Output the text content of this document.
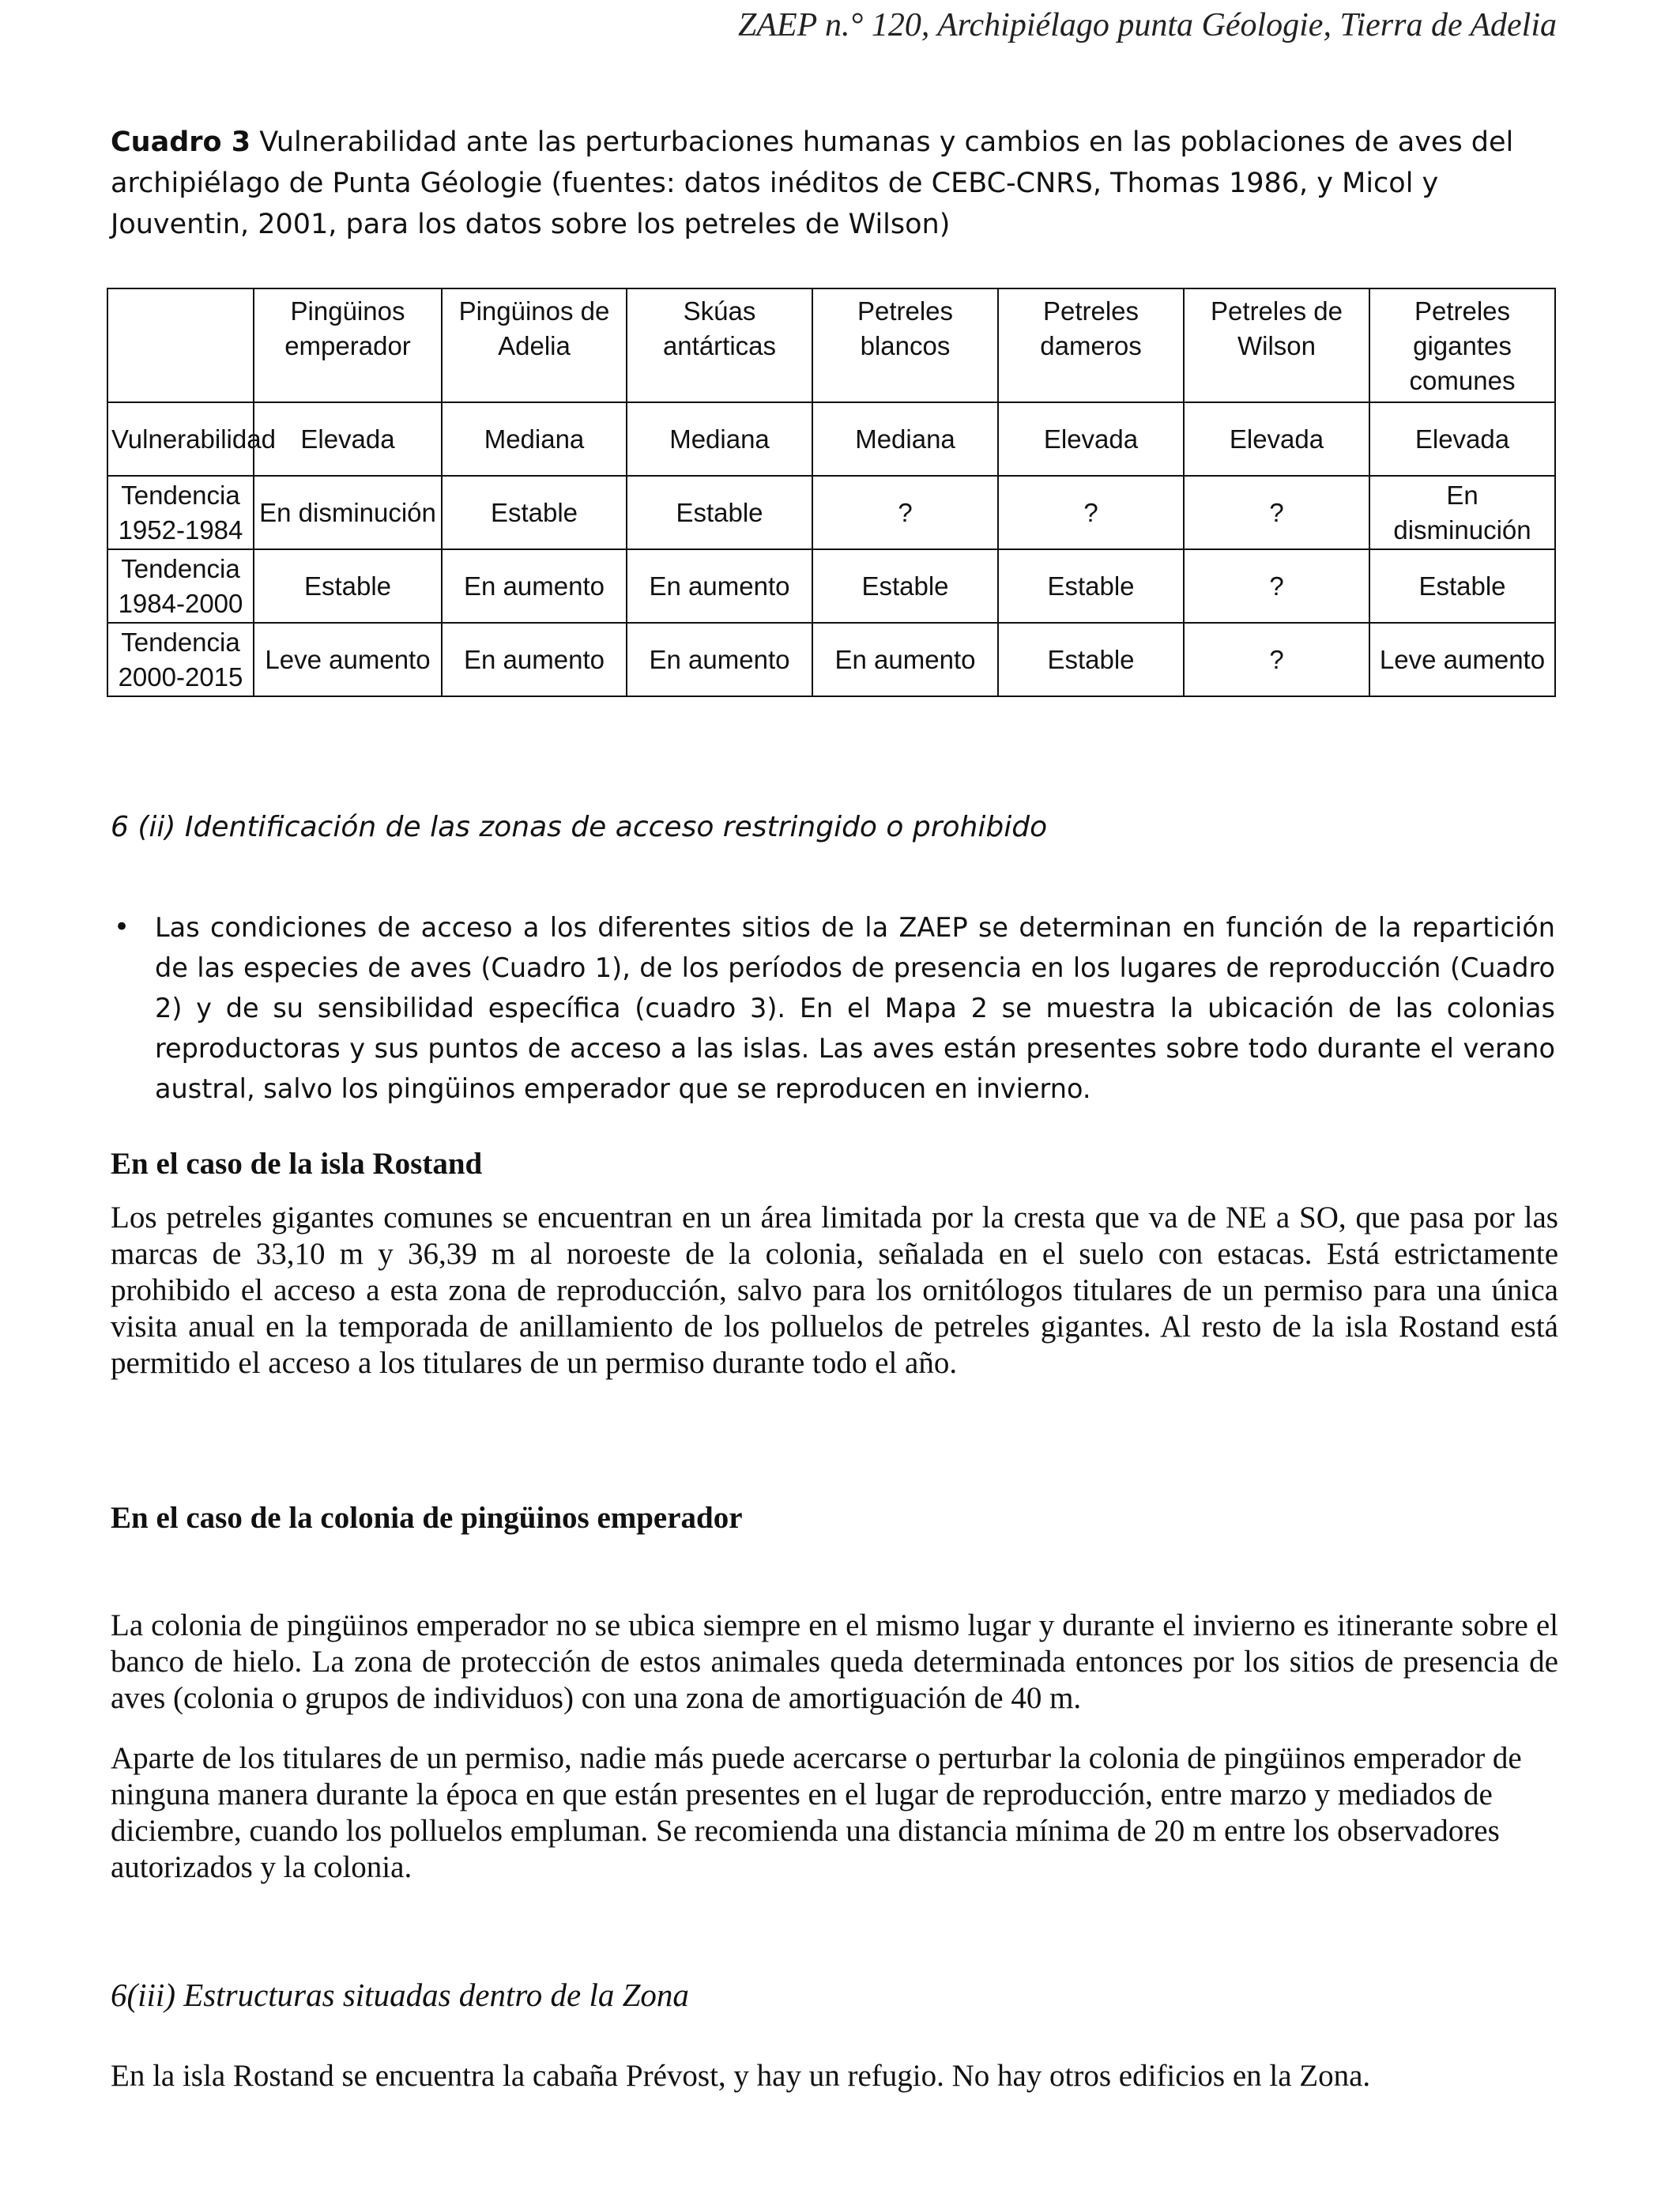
ZAEP n.° 120, Archipiélago punta Géologie, Tierra de Adelia
Cuadro 3 Vulnerabilidad ante las perturbaciones humanas y cambios en las poblaciones de aves del archipiélago de Punta Géologie (fuentes: datos inéditos de CEBC-CNRS, Thomas 1986, y Micol y Jouventin, 2001, para los datos sobre los petreles de Wilson)
	Pingüinos emperador	Pingüinos de Adelia	Skúas antárticas	Petreles blancos	Petreles dameros	Petreles de Wilson	Petreles gigantes comunes
Vulnerabilidad	Elevada	Mediana	Mediana	Mediana	Elevada	Elevada	Elevada
Tendencia 1952-1984	En disminución	Estable	Estable	?	?	?	En disminución
Tendencia 1984-2000	Estable	En aumento	En aumento	Estable	Estable	?	Estable
Tendencia 2000-2015	Leve aumento	En aumento	En aumento	En aumento	Estable	?	Leve aumento
6 (ii) Identificación de las zonas de acceso restringido o prohibido
• Las condiciones de acceso a los diferentes sitios de la ZAEP se determinan en función de la repartición de las especies de aves (Cuadro 1), de los períodos de presencia en los lugares de reproducción (Cuadro 2) y de su sensibilidad específica (cuadro 3). En el Mapa 2 se muestra la ubicación de las colonias reproductoras y sus puntos de acceso a las islas. Las aves están presentes sobre todo durante el verano austral, salvo los pingüinos emperador que se reproducen en invierno.
En el caso de la isla Rostand
Los petreles gigantes comunes se encuentran en un área limitada por la cresta que va de NE a SO, que pasa por las marcas de 33,10 m y 36,39 m al noroeste de la colonia, señalada en el suelo con estacas. Está estrictamente prohibido el acceso a esta zona de reproducción, salvo para los ornitólogos titulares de un permiso para una única visita anual en la temporada de anillamiento de los polluelos de petreles gigantes. Al resto de la isla Rostand está permitido el acceso a los titulares de un permiso durante todo el año.
En el caso de la colonia de pingüinos emperador
La colonia de pingüinos emperador no se ubica siempre en el mismo lugar y durante el invierno es itinerante sobre el banco de hielo. La zona de protección de estos animales queda determinada entonces por los sitios de presencia de aves (colonia o grupos de individuos) con una zona de amortiguación de 40 m.
Aparte de los titulares de un permiso, nadie más puede acercarse o perturbar la colonia de pingüinos emperador de ninguna manera durante la época en que están presentes en el lugar de reproducción, entre marzo y mediados de diciembre, cuando los polluelos empluman. Se recomienda una distancia mínima de 20 m entre los observadores autorizados y la colonia.
6(iii) Estructuras situadas dentro de la Zona
En la isla Rostand se encuentra la cabaña Prévost, y hay un refugio. No hay otros edificios en la Zona.
